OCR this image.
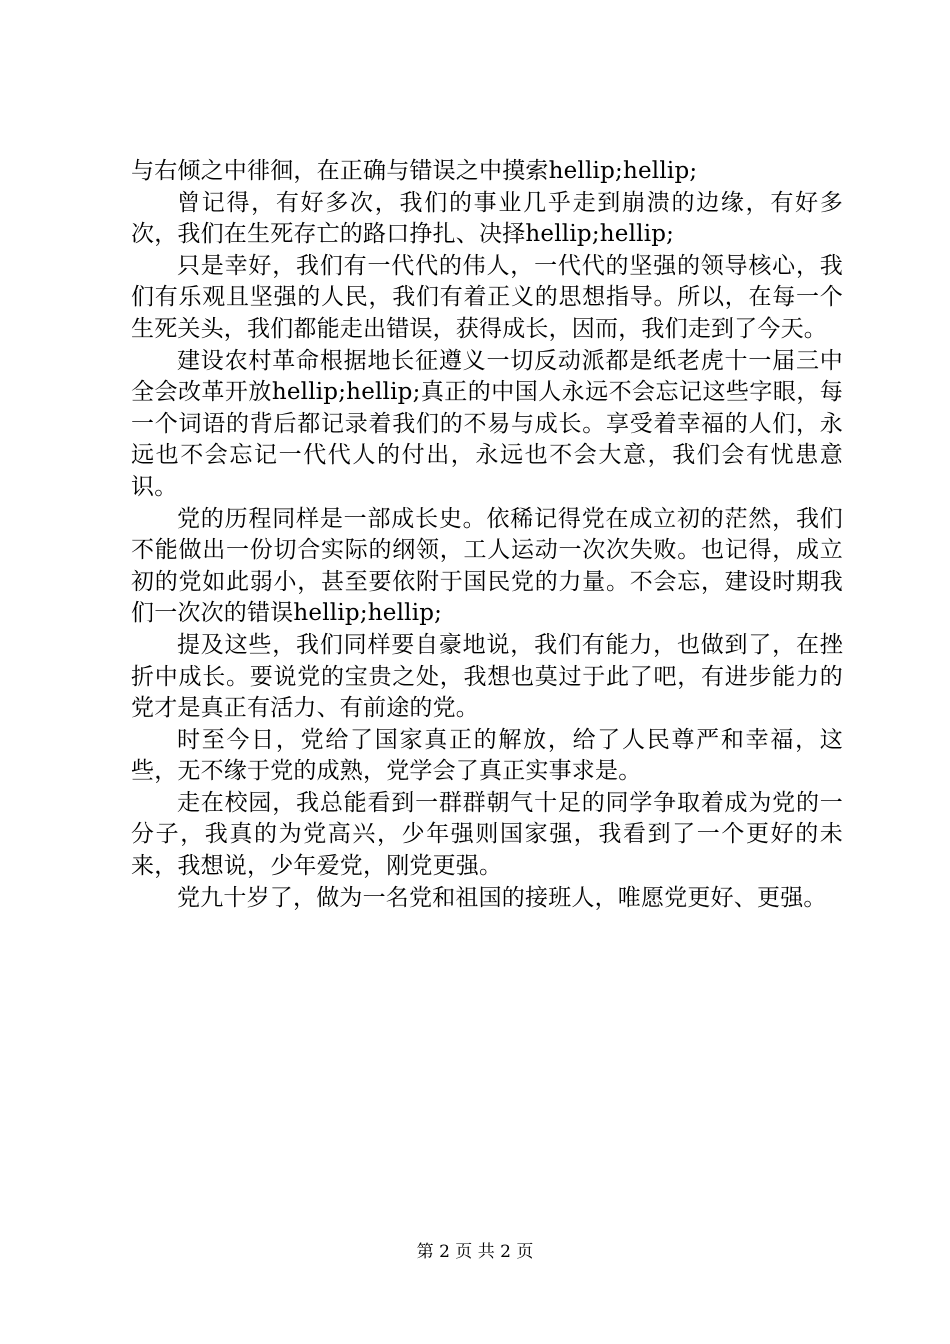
与右倾之中徘徊，在正确与错误之中摸索hellip;hellip;

曾记得，有好多次，我们的事业几乎走到崩溃的边缘，有好多次，我们在生死存亡的路口挣扎、决择hellip;hellip;

只是幸好，我们有一代代的伟人，一代代的坚强的领导核心，我们有乐观且坚强的人民，我们有着正义的思想指导。所以，在每一个生死关头，我们都能走出错误，获得成长，因而，我们走到了今天。

建设农村革命根据地长征遵义一切反动派都是纸老虎十一届三中全会改革开放hellip;hellip;真正的中国人永远不会忘记这些字眼，每一个词语的背后都记录着我们的不易与成长。享受着幸福的人们，永远也不会忘记一代代人的付出，永远也不会大意，我们会有忧患意识。

党的历程同样是一部成长史。依稀记得党在成立初的茫然，我们不能做出一份切合实际的纲领，工人运动一次次失败。也记得，成立初的党如此弱小，甚至要依附于国民党的力量。不会忘，建设时期我们一次次的错误hellip;hellip;

提及这些，我们同样要自豪地说，我们有能力，也做到了，在挫折中成长。要说党的宝贵之处，我想也莫过于此了吧，有进步能力的党才是真正有活力、有前途的党。

时至今日，党给了国家真正的解放，给了人民尊严和幸福，这些，无不缘于党的成熟，党学会了真正实事求是。

走在校园，我总能看到一群群朝气十足的同学争取着成为党的一分子，我真的为党高兴，少年强则国家强，我看到了一个更好的未来，我想说，少年爱党，刚党更强。

党九十岁了，做为一名党和祖国的接班人，唯愿党更好、更强。

第 2 页 共 2 页
